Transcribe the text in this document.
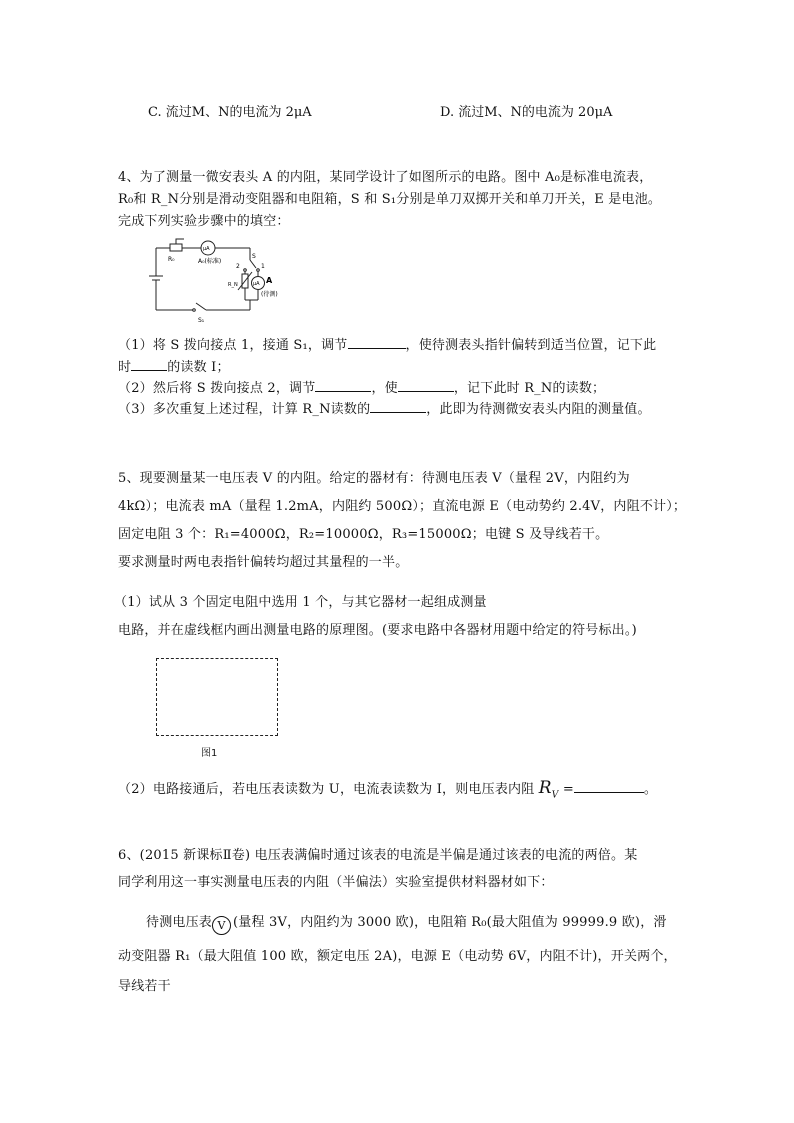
C. 流过M、N的电流为 2μA	D. 流过M、N的电流为 20μA
4、为了测量一微安表头 A 的内阻，某同学设计了如图所示的电路。图中 A₀是标准电流表，
R₀和 R_N分别是滑动变阻器和电阻箱，S 和 S₁分别是单刀双掷开关和单刀开关，E 是电池。
完成下列实验步骤中的填空：
R₀
μA
A₀(标准)
S
2	1
R_N	μA A
(待测)
S₁
（1）将 S 拨向接点 1，接通 S₁，调节	，使待测表头指针偏转到适当位置，记下此
时	的读数 I；
（2）然后将 S 拨向接点 2，调节	，使	，记下此时 R_N的读数；
（3）多次重复上述过程，计算 R_N读数的	，此即为待测微安表头内阻的测量值。
5、现要测量某一电压表 V 的内阻。给定的器材有：待测电压表 V（量程 2V，内阻约为
4kΩ）；电流表 mA（量程 1.2mA，内阻约 500Ω）；直流电源 E（电动势约 2.4V，内阻不计）；
固定电阻 3 个：R₁=4000Ω，R₂=10000Ω，R₃=15000Ω；电键 S 及导线若干。
要求测量时两电表指针偏转均超过其量程的一半。
（1）试从 3 个固定电阻中选用 1 个，与其它器材一起组成测量
电路，并在虚线框内画出测量电路的原理图。(要求电路中各器材用题中给定的符号标出。)
图1
（2）电路接通后，若电压表读数为 U，电流表读数为 I，则电压表内阻 $R_V$ =	。
6、(2015 新课标Ⅱ卷) 电压表满偏时通过该表的电流是半偏是通过该表的电流的两倍。某
同学利用这一事实测量电压表的内阻（半偏法）实验室提供材料器材如下：
待测电压表 V (量程 3V，内阻约为 3000 欧)，电阻箱 R₀(最大阻值为 99999.9 欧)，滑
动变阻器 R₁（最大阻值 100 欧，额定电压 2A)，电源 E（电动势 6V，内阻不计)，开关两个，
导线若干
